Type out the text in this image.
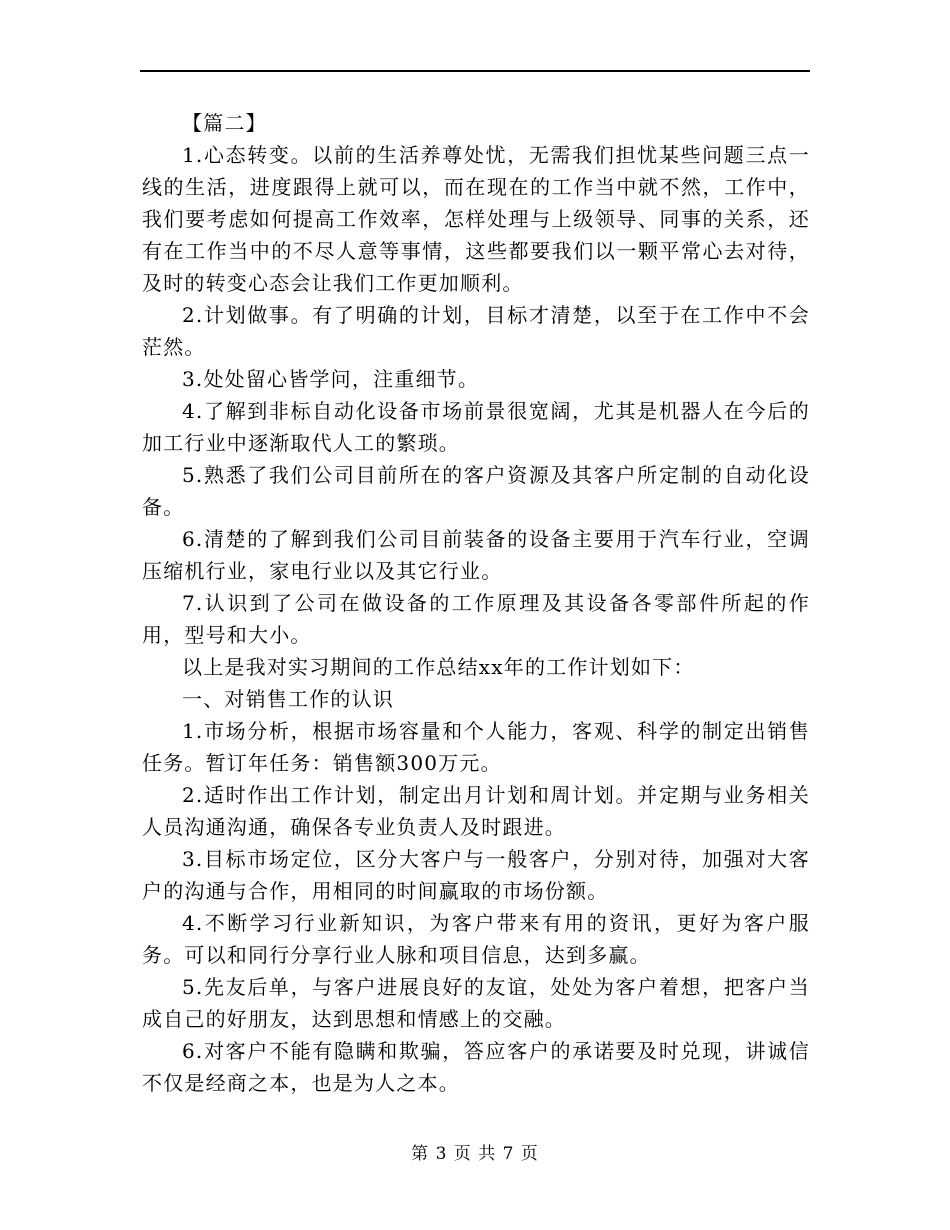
【篇二】

1.心态转变。以前的生活养尊处忧，无需我们担忧某些问题三点一线的生活，进度跟得上就可以，而在现在的工作当中就不然，工作中，我们要考虑如何提高工作效率，怎样处理与上级领导、同事的关系，还有在工作当中的不尽人意等事情，这些都要我们以一颗平常心去对待，及时的转变心态会让我们工作更加顺利。

2.计划做事。有了明确的计划，目标才清楚，以至于在工作中不会茫然。

3.处处留心皆学问，注重细节。

4.了解到非标自动化设备市场前景很宽阔，尤其是机器人在今后的加工行业中逐渐取代人工的繁琐。

5.熟悉了我们公司目前所在的客户资源及其客户所定制的自动化设备。

6.清楚的了解到我们公司目前装备的设备主要用于汽车行业，空调压缩机行业，家电行业以及其它行业。

7.认识到了公司在做设备的工作原理及其设备各零部件所起的作用，型号和大小。

以上是我对实习期间的工作总结xx年的工作计划如下：

一、对销售工作的认识

1.市场分析，根据市场容量和个人能力，客观、科学的制定出销售任务。暂订年任务：销售额300万元。

2.适时作出工作计划，制定出月计划和周计划。并定期与业务相关人员沟通沟通，确保各专业负责人及时跟进。

3.目标市场定位，区分大客户与一般客户，分别对待，加强对大客户的沟通与合作，用相同的时间赢取的市场份额。

4.不断学习行业新知识，为客户带来有用的资讯，更好为客户服务。可以和同行分享行业人脉和项目信息，达到多赢。

5.先友后单，与客户进展良好的友谊，处处为客户着想，把客户当成自己的好朋友，达到思想和情感上的交融。

6.对客户不能有隐瞒和欺骗，答应客户的承诺要及时兑现，讲诚信不仅是经商之本，也是为人之本。

第 3 页 共 7 页
